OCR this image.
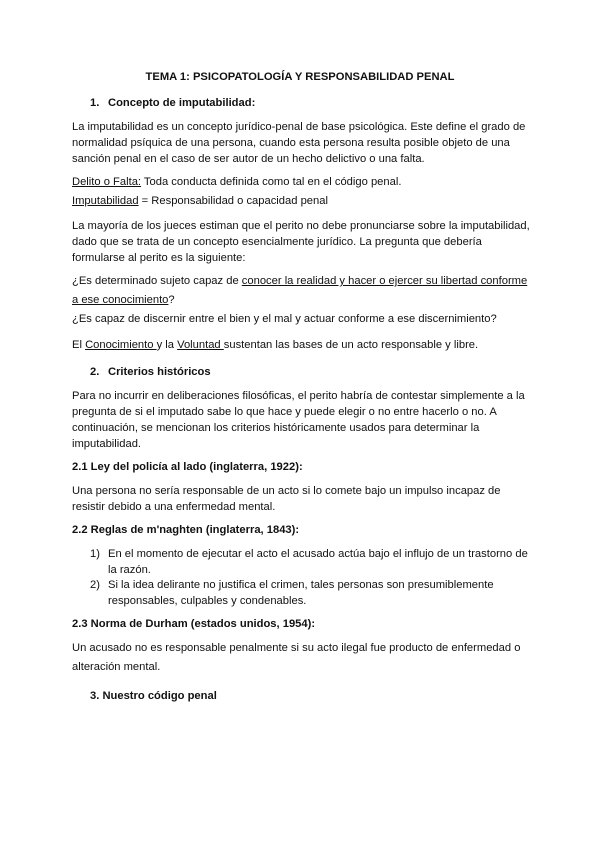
TEMA 1: PSICOPATOLOGÍA Y RESPONSABILIDAD PENAL
1. Concepto de imputabilidad:
La imputabilidad es un concepto jurídico-penal de base psicológica. Este define el grado de
normalidad psíquica de una persona, cuando esta persona resulta posible objeto de una
sanción penal en el caso de ser autor de un hecho delictivo o una falta.
Delito o Falta: Toda conducta definida como tal en el código penal.
Imputabilidad = Responsabilidad o capacidad penal
La mayoría de los jueces estiman que el perito no debe pronunciarse sobre la imputabilidad,
dado que se trata de un concepto esencialmente jurídico. La pregunta que debería
formularse al perito es la siguiente:
¿Es determinado sujeto capaz de conocer la realidad y hacer o ejercer su libertad conforme
a ese conocimiento?
¿Es capaz de discernir entre el bien y el mal y actuar conforme a ese discernimiento?
El Conocimiento y la Voluntad sustentan las bases de un acto responsable y libre.
2. Criterios históricos
Para no incurrir en deliberaciones filosóficas, el perito habría de contestar simplemente a la
pregunta de si el imputado sabe lo que hace y puede elegir o no entre hacerlo o no. A
continuación, se mencionan los criterios históricamente usados para determinar la
imputabilidad.
2.1 Ley del policía al lado (inglaterra, 1922):
Una persona no sería responsable de un acto si lo comete bajo un impulso incapaz de
resistir debido a una enfermedad mental.
2.2 Reglas de m'naghten (inglaterra, 1843):
1) En el momento de ejecutar el acto el acusado actúa bajo el influjo de un trastorno de
la razón.
2) Si la idea delirante no justifica el crimen, tales personas son presumiblemente
responsables, culpables y condenables.
2.3 Norma de Durham (estados unidos, 1954):
Un acusado no es responsable penalmente si su acto ilegal fue producto de enfermedad o
alteración mental.
3. Nuestro código penal
